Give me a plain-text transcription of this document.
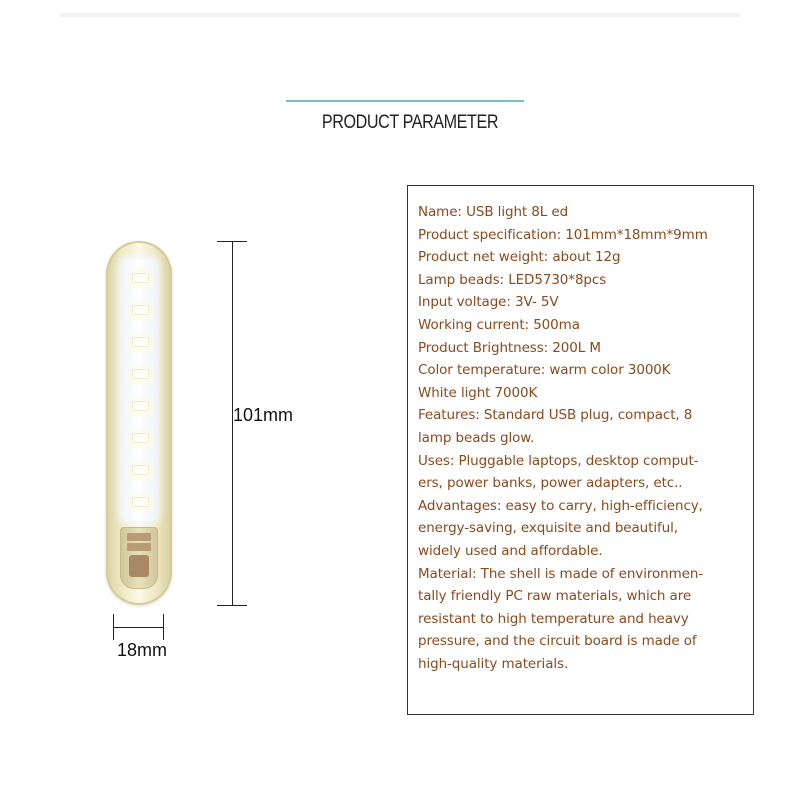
PRODUCT PARAMETER
101mm
18mm
Name: USB light 8L ed
Product specification: 101mm*18mm*9mm
Product net weight: about 12g
Lamp beads: LED5730*8pcs
Input voltage: 3V- 5V
Working current: 500ma
Product Brightness: 200L M
Color temperature: warm color 3000K
White light 7000K
Features: Standard USB plug, compact, 8
lamp beads glow.
Uses: Pluggable laptops, desktop comput-
ers, power banks, power adapters, etc..
Advantages: easy to carry, high-efficiency,
energy-saving, exquisite and beautiful,
widely used and affordable.
Material: The shell is made of environmen-
tally friendly PC raw materials, which are
resistant to high temperature and heavy
pressure, and the circuit board is made of
high-quality materials.
